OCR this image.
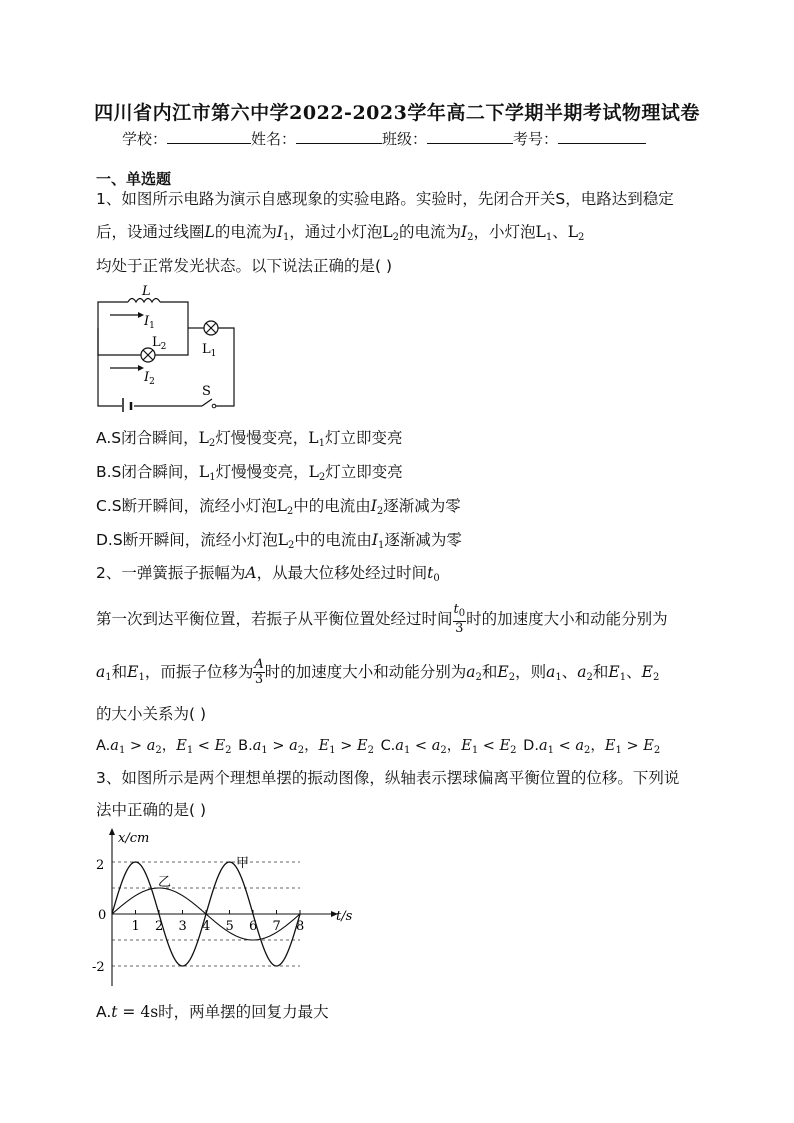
四川省内江市第六中学2022-2023学年高二下学期半期考试物理试卷
学校：	姓名：	班级：	考号：
一、单选题
1、如图所示电路为演示自感现象的实验电路。实验时，先闭合开关S，电路达到稳定
后，设通过线圈L的电流为$I_1$，通过小灯泡$L_2$的电流为$I_2$，小灯泡$L_1$、$L_2$
均处于正常发光状态。以下说法正确的是( )
L
$I_1$
$I_2$
$L_1$
$L_2$
S
A.S闭合瞬间，$L_2$灯慢慢变亮，$L_1$灯立即变亮
B.S闭合瞬间，$L_1$灯慢慢变亮，$L_2$灯立即变亮
C.S断开瞬间，流经小灯泡$L_2$中的电流由$I_2$逐渐减为零
D.S断开瞬间，流经小灯泡$L_2$中的电流由$I_1$逐渐减为零
2、一弹簧振子振幅为A，从最大位移处经过时间$t_0$
第一次到达平衡位置，若振子从平衡位置处经过时间 $\frac{t_0}{3}$ 时的加速度大小和动能分别为
$a_1$和$E_1$，而振子位移为 $\frac{A}{3}$ 时的加速度大小和动能分别为$a_2$和$E_2$，则$a_1$、$a_2$和$E_1$、$E_2$
的大小关系为( )
$A.a_1 > a_2$，$E_1 < E_2$ $B.a_1 > a_2$，$E_1 > E_2$ $C.a_1 < a_2$，$E_1 < E_2$ $D.a_1 < a_2$，$E_1 > E_2$
3、如图所示是两个理想单摆的振动图像，纵轴表示摆球偏离平衡位置的位移。下列说
法中正确的是( )
1 2 3 4 5 6 7 8
x/cm
t/s
2
0
-2
甲
乙
A.t = 4s时，两单摆的回复力最大
